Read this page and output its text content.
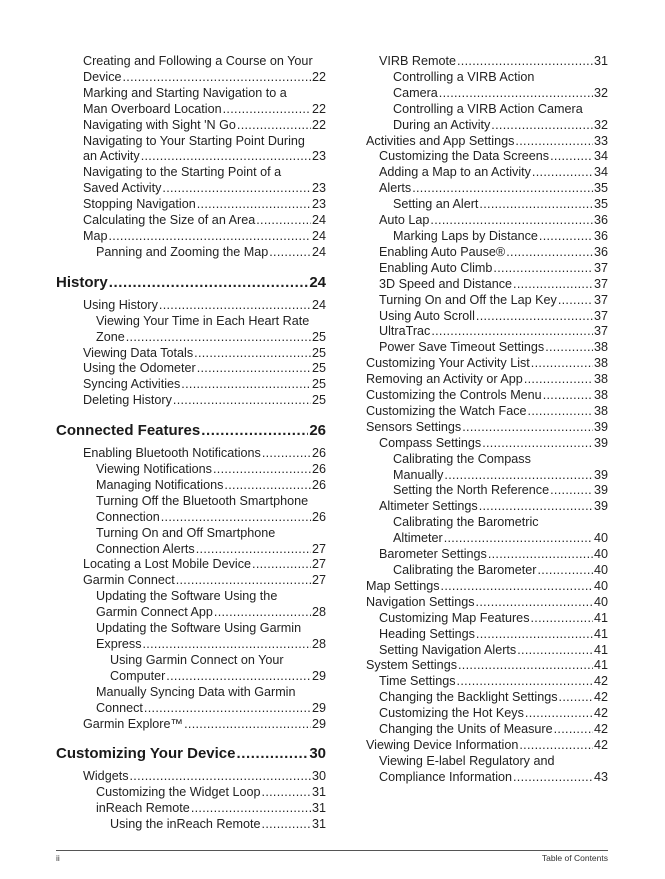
Creating and Following a Course on Your
Device .....	22
Marking and Starting Navigation to a
Man Overboard Location .....	22
Navigating with Sight 'N Go .....	22
Navigating to Your Starting Point During
an Activity .....	23
Navigating to the Starting Point of a
Saved Activity .....	23
Stopping Navigation .....	23
Calculating the Size of an Area .....	24
Map .....	24
Panning and Zooming the Map .....	24
History .....	24
Using History .....	24
Viewing Your Time in Each Heart Rate
Zone .....	25
Viewing Data Totals .....	25
Using the Odometer .....	25
Syncing Activities .....	25
Deleting History .....	25
Connected Features .....	26
Enabling Bluetooth Notifications .....	26
Viewing Notifications .....	26
Managing Notifications .....	26
Turning Off the Bluetooth Smartphone
Connection .....	26
Turning On and Off Smartphone
Connection Alerts .....	27
Locating a Lost Mobile Device .....	27
Garmin Connect .....	27
Updating the Software Using the
Garmin Connect App .....	28
Updating the Software Using Garmin
Express .....	28
Using Garmin Connect on Your
Computer .....	29
Manually Syncing Data with Garmin
Connect .....	29
Garmin Explore™ .....	29
Customizing Your Device .....	30
Widgets .....	30
Customizing the Widget Loop .....	31
inReach Remote .....	31
Using the inReach Remote .....	31
VIRB Remote .....	31
Controlling a VIRB Action
Camera .....	32
Controlling a VIRB Action Camera
During an Activity .....	32
Activities and App Settings .....	33
Customizing the Data Screens .....	34
Adding a Map to an Activity .....	34
Alerts .....	35
Setting an Alert .....	35
Auto Lap .....	36
Marking Laps by Distance .....	36
Enabling Auto Pause® .....	36
Enabling Auto Climb .....	37
3D Speed and Distance .....	37
Turning On and Off the Lap Key .....	37
Using Auto Scroll .....	37
UltraTrac .....	37
Power Save Timeout Settings .....	38
Customizing Your Activity List .....	38
Removing an Activity or App .....	38
Customizing the Controls Menu .....	38
Customizing the Watch Face .....	38
Sensors Settings .....	39
Compass Settings .....	39
Calibrating the Compass
Manually .....	39
Setting the North Reference .....	39
Altimeter Settings .....	39
Calibrating the Barometric
Altimeter .....	40
Barometer Settings .....	40
Calibrating the Barometer .....	40
Map Settings .....	40
Navigation Settings .....	40
Customizing Map Features .....	41
Heading Settings .....	41
Setting Navigation Alerts .....	41
System Settings .....	41
Time Settings .....	42
Changing the Backlight Settings .....	42
Customizing the Hot Keys .....	42
Changing the Units of Measure .....	42
Viewing Device Information .....	42
Viewing E-label Regulatory and
Compliance Information .....	43
ii	Table of Contents
